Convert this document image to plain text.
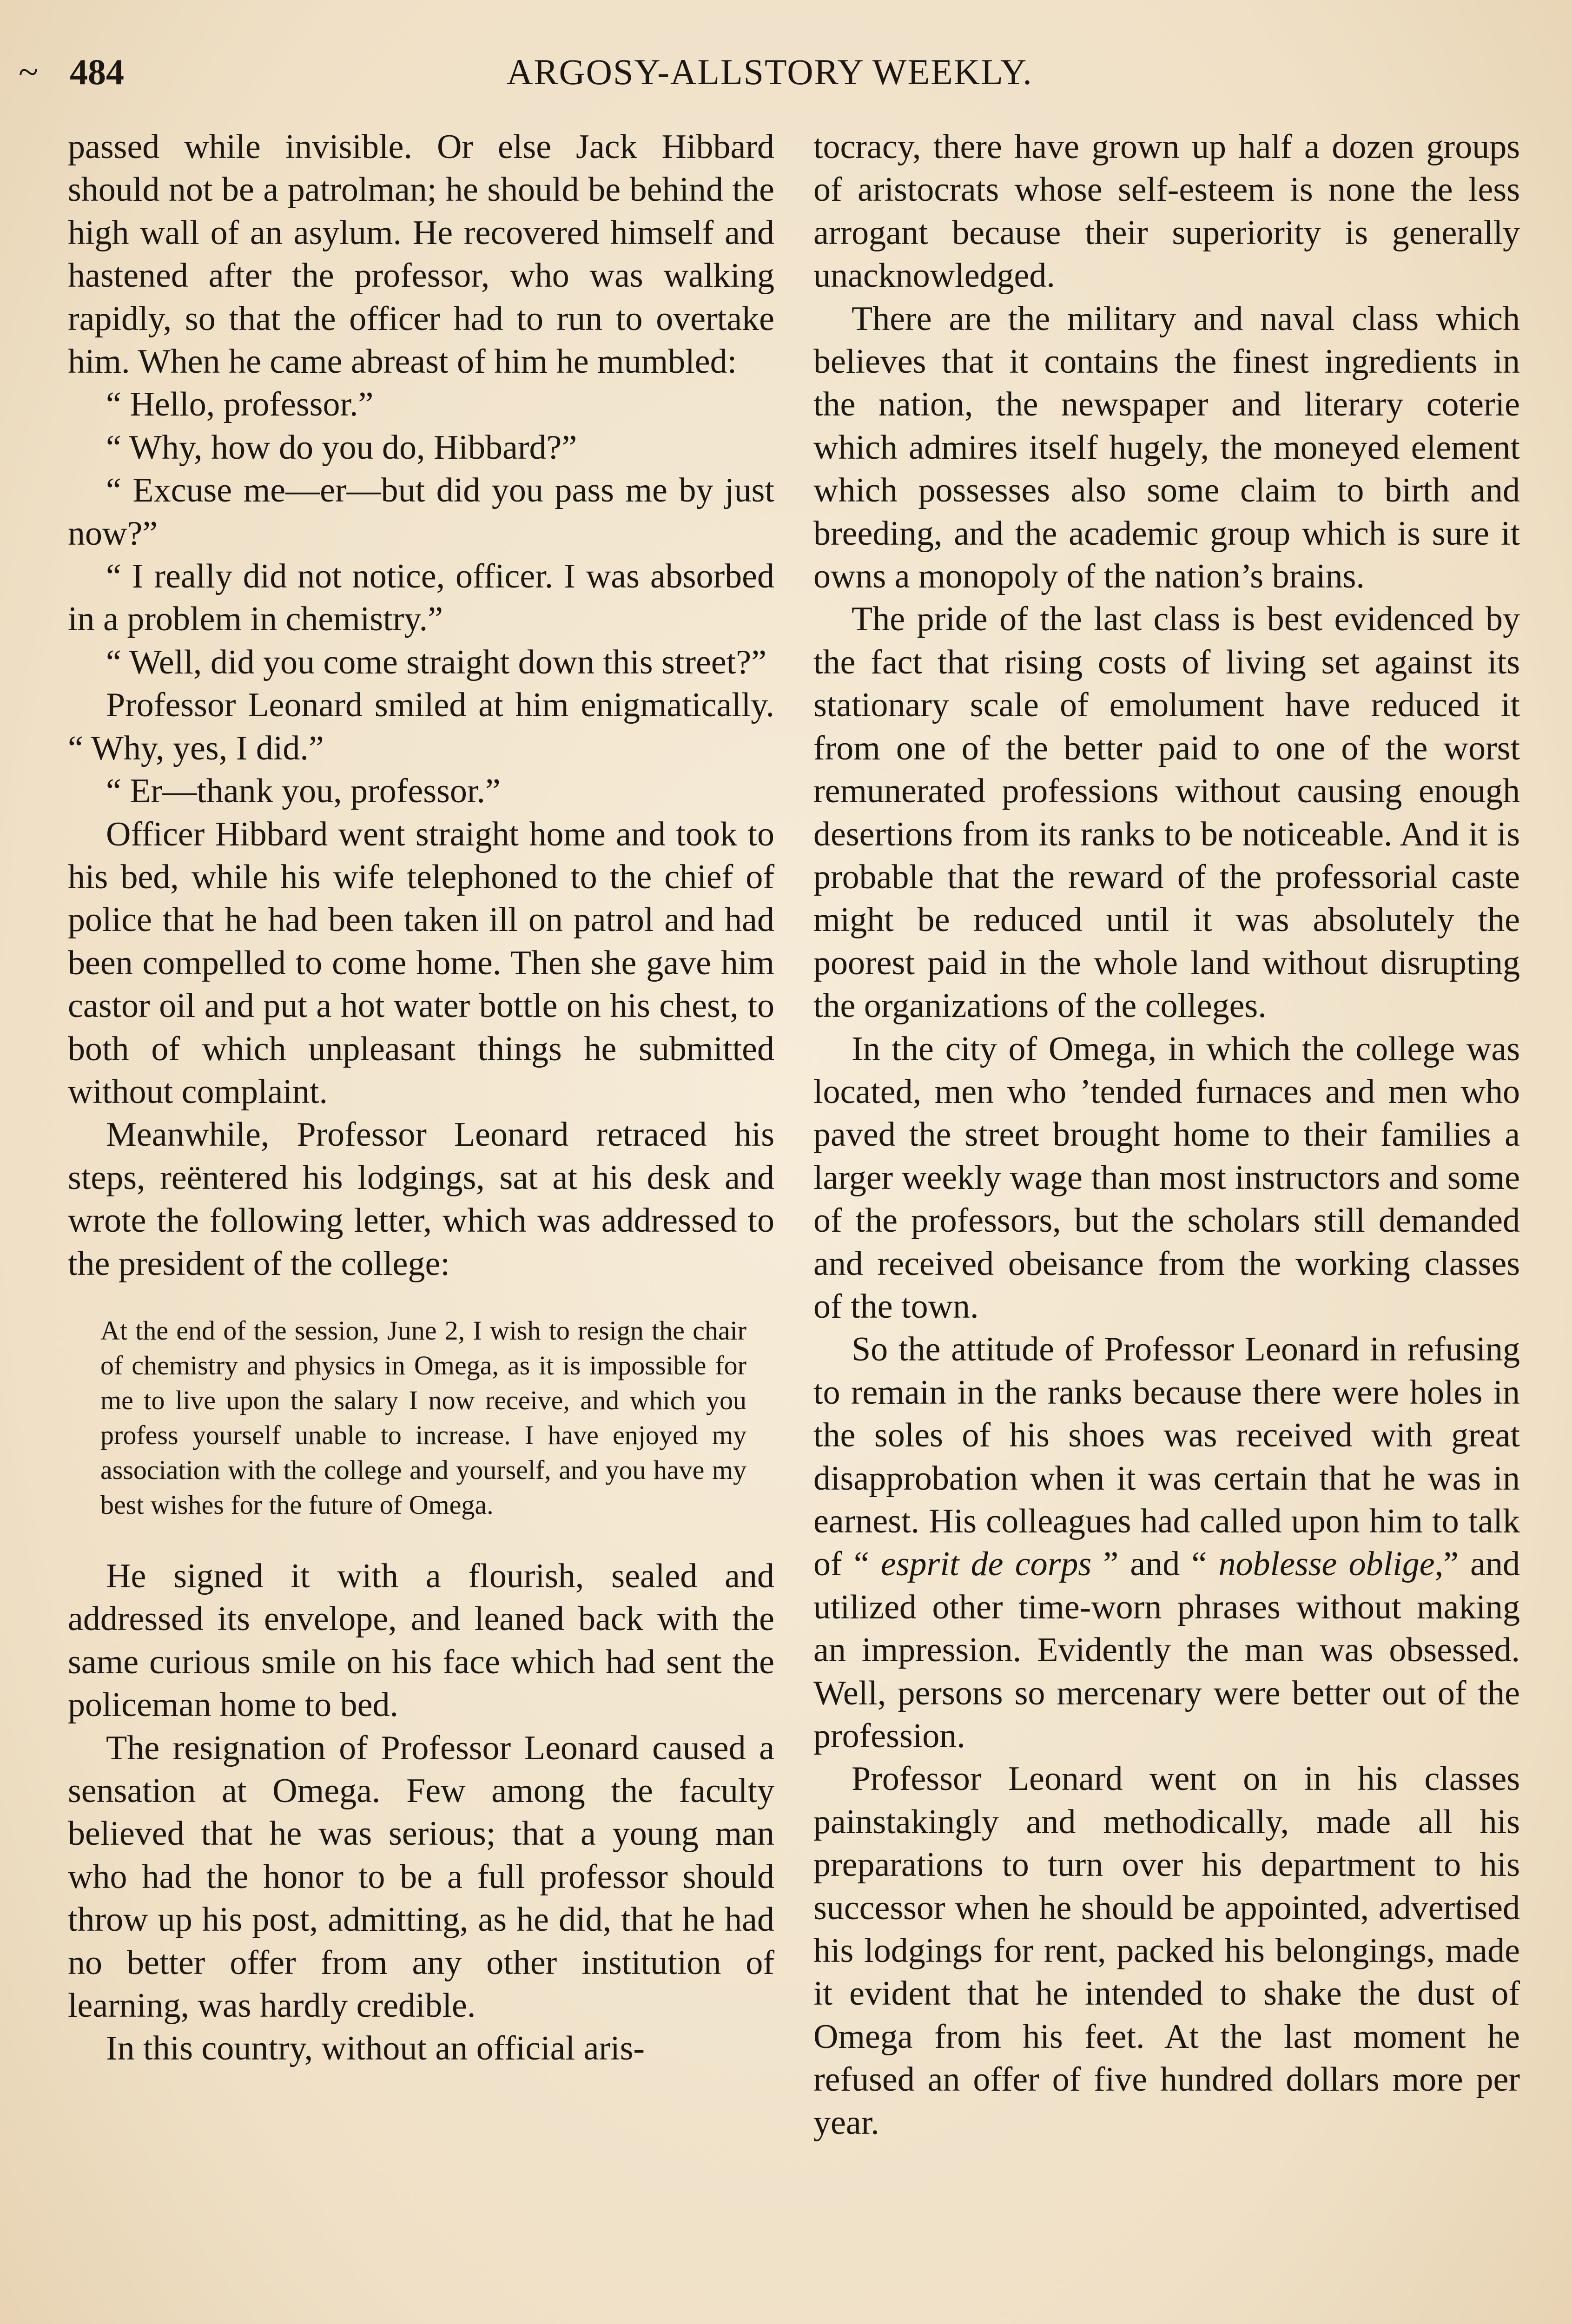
~ 484	ARGOSY-ALLSTORY WEEKLY.

passed while invisible. Or else Jack Hibbard should not be a patrolman; he should be behind the high wall of an asylum. He recovered himself and hastened after the professor, who was walking rapidly, so that the officer had to run to overtake him. When he came abreast of him he mumbled:

“ Hello, professor.”

“ Why, how do you do, Hibbard?”

“ Excuse me—er—but did you pass me by just now?”

“ I really did not notice, officer. I was absorbed in a problem in chemistry.”

“ Well, did you come straight down this street?”

Professor Leonard smiled at him enigmatically. “ Why, yes, I did.”

“ Er—thank you, professor.”

Officer Hibbard went straight home and took to his bed, while his wife telephoned to the chief of police that he had been taken ill on patrol and had been compelled to come home. Then she gave him castor oil and put a hot water bottle on his chest, to both of which unpleasant things he submitted without complaint.

Meanwhile, Professor Leonard retraced his steps, reëntered his lodgings, sat at his desk and wrote the following letter, which was addressed to the president of the college:

At the end of the session, June 2, I wish to resign the chair of chemistry and physics in Omega, as it is impossible for me to live upon the salary I now receive, and which you profess yourself unable to increase. I have enjoyed my association with the college and yourself, and you have my best wishes for the future of Omega.

He signed it with a flourish, sealed and addressed its envelope, and leaned back with the same curious smile on his face which had sent the policeman home to bed.

The resignation of Professor Leonard caused a sensation at Omega. Few among the faculty believed that he was serious; that a young man who had the honor to be a full professor should throw up his post, admitting, as he did, that he had no better offer from any other institution of learning, was hardly credible.

In this country, without an official aris-

tocracy, there have grown up half a dozen groups of aristocrats whose self-esteem is none the less arrogant because their superiority is generally unacknowledged.

There are the military and naval class which believes that it contains the finest ingredients in the nation, the newspaper and literary coterie which admires itself hugely, the moneyed element which possesses also some claim to birth and breeding, and the academic group which is sure it owns a monopoly of the nation’s brains.

The pride of the last class is best evidenced by the fact that rising costs of living set against its stationary scale of emolument have reduced it from one of the better paid to one of the worst remunerated professions without causing enough desertions from its ranks to be noticeable. And it is probable that the reward of the professorial caste might be reduced until it was absolutely the poorest paid in the whole land without disrupting the organizations of the colleges.

In the city of Omega, in which the college was located, men who ’tended furnaces and men who paved the street brought home to their families a larger weekly wage than most instructors and some of the professors, but the scholars still demanded and received obeisance from the working classes of the town.

So the attitude of Professor Leonard in refusing to remain in the ranks because there were holes in the soles of his shoes was received with great disapprobation when it was certain that he was in earnest. His colleagues had called upon him to talk of “ esprit de corps ” and “ noblesse oblige,” and utilized other time-worn phrases without making an impression. Evidently the man was obsessed. Well, persons so mercenary were better out of the profession.

Professor Leonard went on in his classes painstakingly and methodically, made all his preparations to turn over his department to his successor when he should be appointed, advertised his lodgings for rent, packed his belongings, made it evident that he intended to shake the dust of Omega from his feet. At the last moment he refused an offer of five hundred dollars more per year.
